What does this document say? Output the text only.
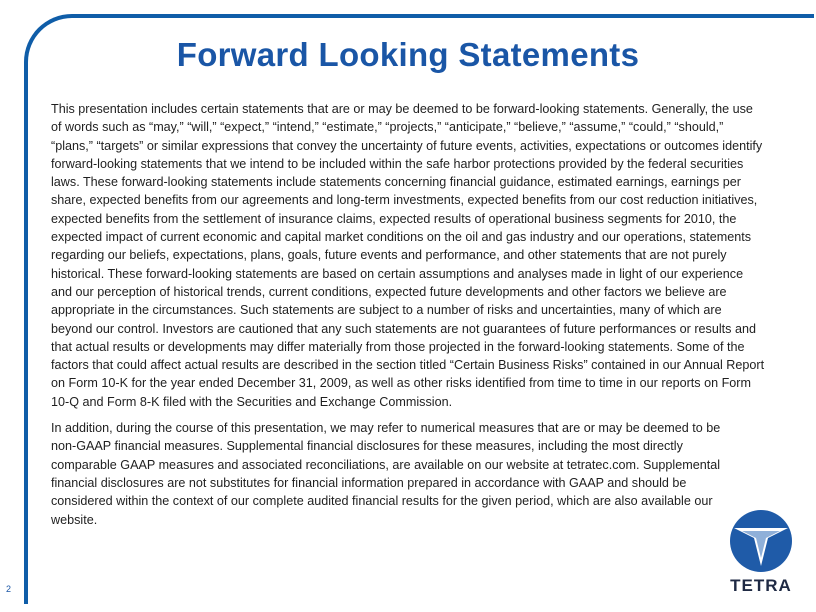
Forward Looking Statements

This presentation includes certain statements that are or may be deemed to be forward-looking statements. Generally, the use of words such as “may,” “will,” “expect,” “intend,” “estimate,” “projects,” “anticipate,” “believe,” “assume,” “could,” “should,” “plans,” “targets” or similar expressions that convey the uncertainty of future events, activities, expectations or outcomes identify forward-looking statements that we intend to be included within the safe harbor protections provided by the federal securities laws. These forward-looking statements include statements concerning financial guidance, estimated earnings, earnings per share, expected benefits from our agreements and long-term investments, expected benefits from our cost reduction initiatives, expected benefits from the settlement of insurance claims, expected results of operational business segments for 2010, the expected impact of current economic and capital market conditions on the oil and gas industry and our operations, statements regarding our beliefs, expectations, plans, goals, future events and performance, and other statements that are not purely historical. These forward-looking statements are based on certain assumptions and analyses made in light of our experience and our perception of historical trends, current conditions, expected future developments and other factors we believe are appropriate in the circumstances. Such statements are subject to a number of risks and uncertainties, many of which are beyond our control. Investors are cautioned that any such statements are not guarantees of future performances or results and that actual results or developments may differ materially from those projected in the forward-looking statements. Some of the factors that could affect actual results are described in the section titled “Certain Business Risks” contained in our Annual Report on Form 10-K for the year ended December 31, 2009, as well as other risks identified from time to time in our reports on Form 10-Q and Form 8-K filed with the Securities and Exchange Commission.

In addition, during the course of this presentation, we may refer to numerical measures that are or may be deemed to be non-GAAP financial measures. Supplemental financial disclosures for these measures, including the most directly comparable GAAP measures and associated reconciliations, are available on our website at tetratec.com. Supplemental financial disclosures are not substitutes for financial information prepared in accordance with GAAP and should be considered within the context of our complete audited financial results for the given period, which are also available our website.

2	TETRA
